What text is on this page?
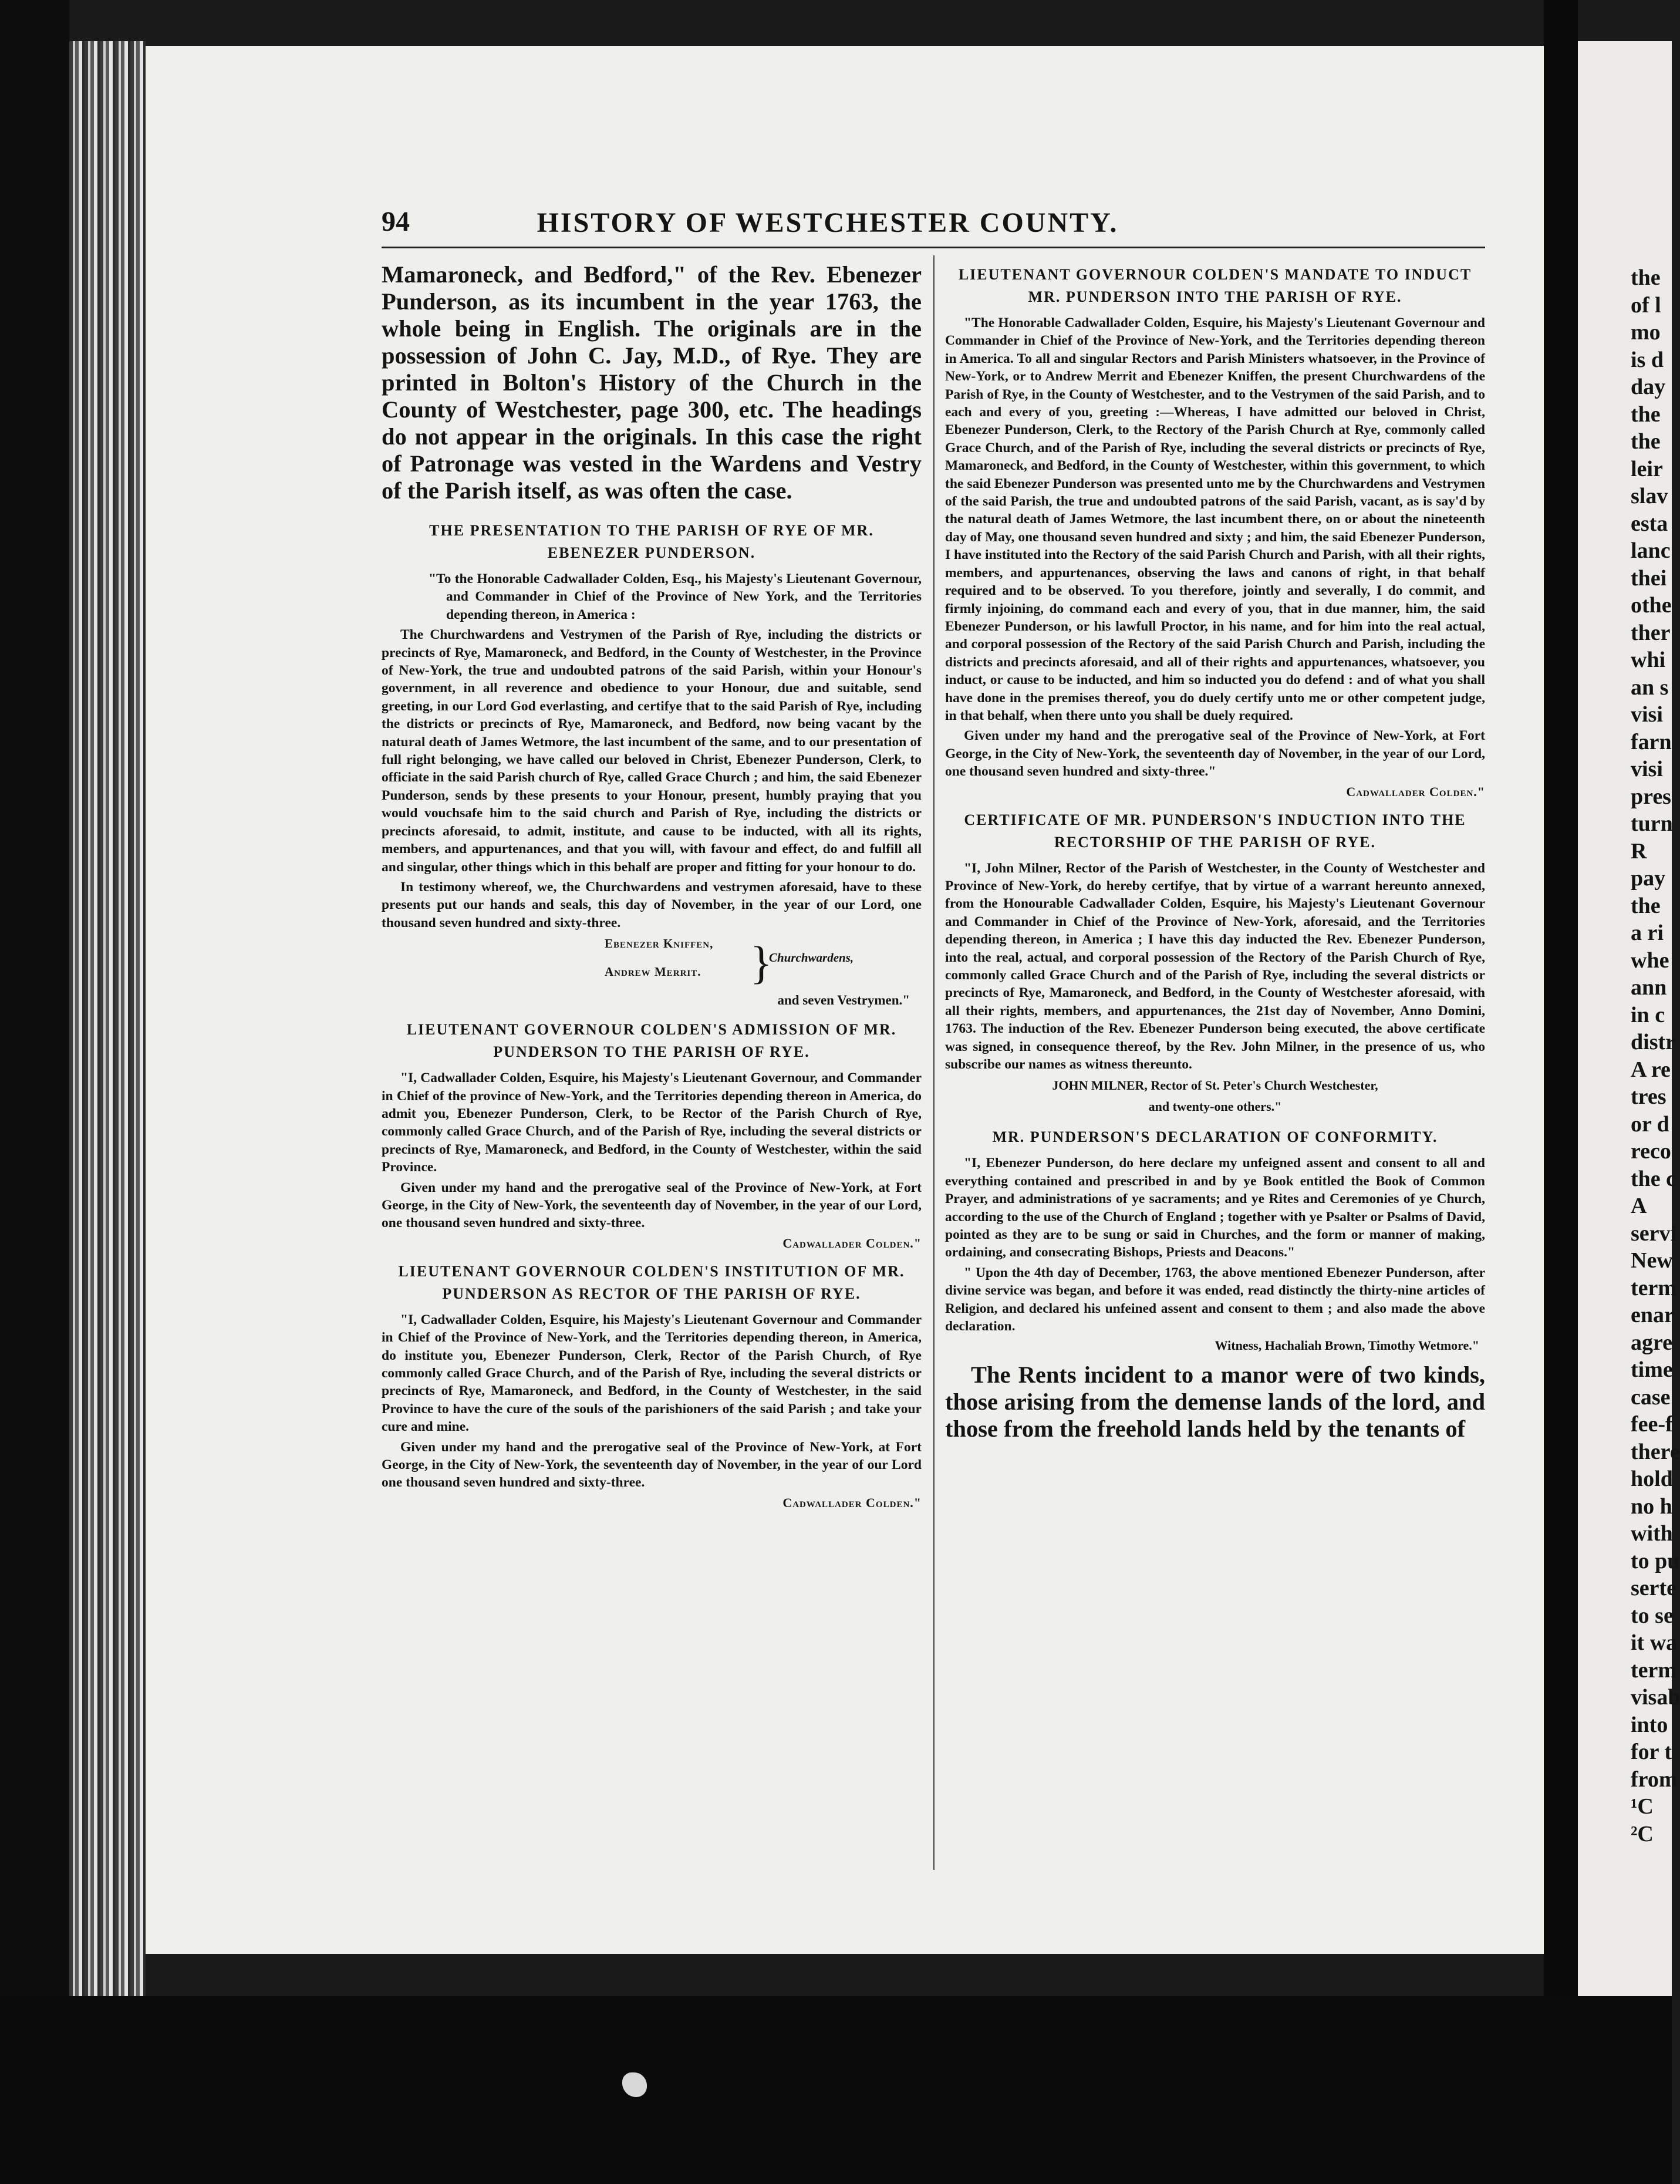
the
of l
mo
is d
day
the
the
leir
slav
esta
lanc
thei
othe
ther
whi
an s
visi
farn
visi
pres
turn
R
pay
the
a ri
whe
ann
in c
distr
A re
tres
or d
reco
the c
A
servi
New
term
enar
agre
time
case
fee-f
there
hold
no h
with
to pu
serte
to se
it wa
term
visab
into
for t
from
¹C
²C
94	HISTORY OF WESTCHESTER COUNTY.

Mamaroneck, and Bedford," of the Rev. Ebenezer Punderson, as its incumbent in the year 1763, the whole being in English. The originals are in the possession of John C. Jay, M.D., of Rye. They are printed in Bolton's History of the Church in the County of Westchester, page 300, etc. The headings do not appear in the originals. In this case the right of Patronage was vested in the Wardens and Vestry of the Parish itself, as was often the case.

THE PRESENTATION TO THE PARISH OF RYE OF MR. EBENEZER PUNDERSON.

"To the Honorable Cadwallader Colden, Esq., his Majesty's Lieutenant Governour, and Commander in Chief of the Province of New York, and the Territories depending thereon, in America :

The Churchwardens and Vestrymen of the Parish of Rye, including the districts or precincts of Rye, Mamaroneck, and Bedford, in the County of Westchester, in the Province of New-York, the true and undoubted patrons of the said Parish, within your Honour's government, in all reverence and obedience to your Honour, due and suitable, send greeting, in our Lord God everlasting, and certifye that to the said Parish of Rye, including the districts or precincts of Rye, Mamaroneck, and Bedford, now being vacant by the natural death of James Wetmore, the last incumbent of the same, and to our presentation of full right belonging, we have called our beloved in Christ, Ebenezer Punderson, Clerk, to officiate in the said Parish church of Rye, called Grace Church ; and him, the said Ebenezer Punderson, sends by these presents to your Honour, present, humbly praying that you would vouchsafe him to the said church and Parish of Rye, including the districts or precincts aforesaid, to admit, institute, and cause to be inducted, with all its rights, members, and appurtenances, and that you will, with favour and effect, do and fulfill all and singular, other things which in this behalf are proper and fitting for your honour to do.

In testimony whereof, we, the Churchwardens and vestrymen aforesaid, have to these presents put our hands and seals, this day of November, in the year of our Lord, one thousand seven hundred and sixty-three.

Ebenezer Kniffen,
Andrew Merrit. }
Churchwardens,
and seven Vestrymen."
LIEUTENANT GOVERNOUR COLDEN'S ADMISSION OF MR. PUNDERSON TO THE PARISH OF RYE.

"I, Cadwallader Colden, Esquire, his Majesty's Lieutenant Governour, and Commander in Chief of the province of New-York, and the Territories depending thereon in America, do admit you, Ebenezer Punderson, Clerk, to be Rector of the Parish Church of Rye, commonly called Grace Church, and of the Parish of Rye, including the several districts or precincts of Rye, Mamaroneck, and Bedford, in the County of Westchester, within the said Province.

Given under my hand and the prerogative seal of the Province of New-York, at Fort George, in the City of New-York, the seventeenth day of November, in the year of our Lord, one thousand seven hundred and sixty-three.

Cadwallader Colden."
LIEUTENANT GOVERNOUR COLDEN'S INSTITUTION OF MR. PUNDERSON AS RECTOR OF THE PARISH OF RYE.

"I, Cadwallader Colden, Esquire, his Majesty's Lieutenant Governour and Commander in Chief of the Province of New-York, and the Territories depending thereon, in America, do institute you, Ebenezer Punderson, Clerk, Rector of the Parish Church, of Rye commonly called Grace Church, and of the Parish of Rye, including the several districts or precincts of Rye, Mamaroneck, and Bedford, in the County of Westchester, in the said Province to have the cure of the souls of the parishioners of the said Parish ; and take your cure and mine.

Given under my hand and the prerogative seal of the Province of New-York, at Fort George, in the City of New-York, the seventeenth day of November, in the year of our Lord one thousand seven hundred and sixty-three.

Cadwallader Colden."
LIEUTENANT GOVERNOUR COLDEN'S MANDATE TO INDUCT MR. PUNDERSON INTO THE PARISH OF RYE.

"The Honorable Cadwallader Colden, Esquire, his Majesty's Lieutenant Governour and Commander in Chief of the Province of New-York, and the Territories depending thereon in America. To all and singular Rectors and Parish Ministers whatsoever, in the Province of New-York, or to Andrew Merrit and Ebenezer Kniffen, the present Churchwardens of the Parish of Rye, in the County of Westchester, and to the Vestrymen of the said Parish, and to each and every of you, greeting :—Whereas, I have admitted our beloved in Christ, Ebenezer Punderson, Clerk, to the Rectory of the Parish Church at Rye, commonly called Grace Church, and of the Parish of Rye, including the several districts or precincts of Rye, Mamaroneck, and Bedford, in the County of Westchester, within this government, to which the said Ebenezer Punderson was presented unto me by the Churchwardens and Vestrymen of the said Parish, the true and undoubted patrons of the said Parish, vacant, as is say'd by the natural death of James Wetmore, the last incumbent there, on or about the nineteenth day of May, one thousand seven hundred and sixty ; and him, the said Ebenezer Punderson, I have instituted into the Rectory of the said Parish Church and Parish, with all their rights, members, and appurtenances, observing the laws and canons of right, in that behalf required and to be observed. To you therefore, jointly and severally, I do commit, and firmly injoining, do command each and every of you, that in due manner, him, the said Ebenezer Punderson, or his lawfull Proctor, in his name, and for him into the real actual, and corporal possession of the Rectory of the said Parish Church and Parish, including the districts and precincts aforesaid, and all of their rights and appurtenances, whatsoever, you induct, or cause to be inducted, and him so inducted you do defend : and of what you shall have done in the premises thereof, you do duely certify unto me or other competent judge, in that behalf, when there unto you shall be duely required.

Given under my hand and the prerogative seal of the Province of New-York, at Fort George, in the City of New-York, the seventeenth day of November, in the year of our Lord, one thousand seven hundred and sixty-three."

Cadwallader Colden."
CERTIFICATE OF MR. PUNDERSON'S INDUCTION INTO THE RECTORSHIP OF THE PARISH OF RYE.

"I, John Milner, Rector of the Parish of Westchester, in the County of Westchester and Province of New-York, do hereby certifye, that by virtue of a warrant hereunto annexed, from the Honourable Cadwallader Colden, Esquire, his Majesty's Lieutenant Governour and Commander in Chief of the Province of New-York, aforesaid, and the Territories depending thereon, in America ; I have this day inducted the Rev. Ebenezer Punderson, into the real, actual, and corporal possession of the Rectory of the Parish Church of Rye, commonly called Grace Church and of the Parish of Rye, including the several districts or precincts of Rye, Mamaroneck, and Bedford, in the County of Westchester aforesaid, with all their rights, members, and appurtenances, the 21st day of November, Anno Domini, 1763. The induction of the Rev. Ebenezer Punderson being executed, the above certificate was signed, in consequence thereof, by the Rev. John Milner, in the presence of us, who subscribe our names as witness thereunto.

JOHN MILNER, Rector of St. Peter's Church Westchester,
and twenty-one others."
MR. PUNDERSON'S DECLARATION OF CONFORMITY.

"I, Ebenezer Punderson, do here declare my unfeigned assent and consent to all and everything contained and prescribed in and by ye Book entitled the Book of Common Prayer, and administrations of ye sacraments; and ye Rites and Ceremonies of ye Church, according to the use of the Church of England ; together with ye Psalter or Psalms of David, pointed as they are to be sung or said in Churches, and the form or manner of making, ordaining, and consecrating Bishops, Priests and Deacons."

" Upon the 4th day of December, 1763, the above mentioned Ebenezer Punderson, after divine service was began, and before it was ended, read distinctly the thirty-nine articles of Religion, and declared his unfeined assent and consent to them ; and also made the above declaration.

Witness, Hachaliah Brown, Timothy Wetmore."

The Rents incident to a manor were of two kinds, those arising from the demense lands of the lord, and those from the freehold lands held by the tenants of
